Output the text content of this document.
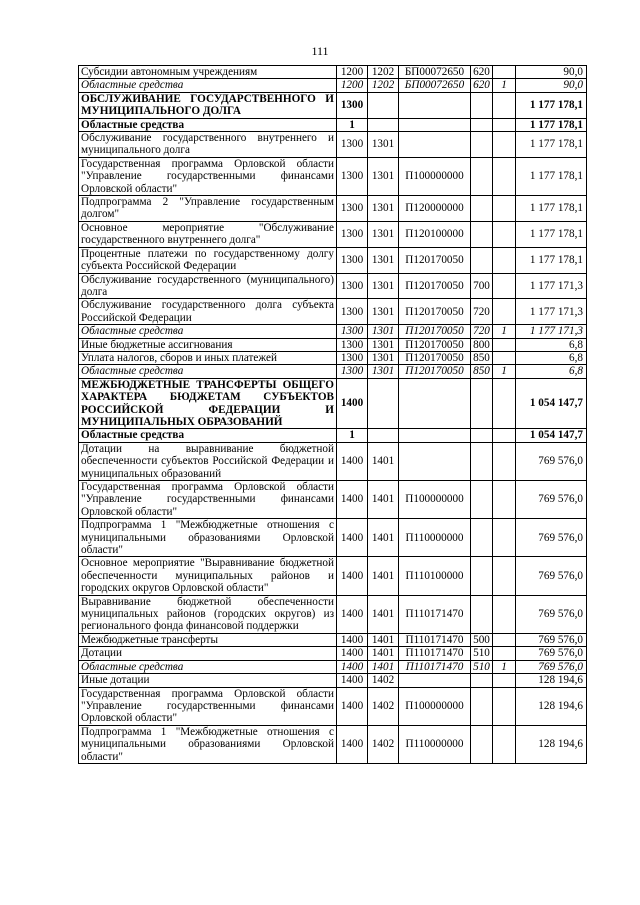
111
Субсидии автономным учреждениям	1200	1202	БП00072650	620		90,0
Областные средства	1200	1202	БП00072650	620	1	90,0
ОБСЛУЖИВАНИЕ ГОСУДАРСТВЕННОГО И МУНИЦИПАЛЬНОГО ДОЛГА	1300					1 177 178,1
Областные средства	1					1 177 178,1
Обслуживание государственного внутреннего и муниципального долга	1300	1301				1 177 178,1
Государственная программа Орловской области "Управление государственными финансами Орловской области"	1300	1301	П100000000			1 177 178,1
Подпрограмма 2 "Управление государственным долгом"	1300	1301	П120000000			1 177 178,1
Основное мероприятие "Обслуживание государственного внутреннего долга"	1300	1301	П120100000			1 177 178,1
Процентные платежи по государственному долгу субъекта Российской Федерации	1300	1301	П120170050			1 177 178,1
Обслуживание государственного (муниципального) долга	1300	1301	П120170050	700		1 177 171,3
Обслуживание государственного долга субъекта Российской Федерации	1300	1301	П120170050	720		1 177 171,3
Областные средства	1300	1301	П120170050	720	1	1 177 171,3
Иные бюджетные ассигнования	1300	1301	П120170050	800		6,8
Уплата налогов, сборов и иных платежей	1300	1301	П120170050	850		6,8
Областные средства	1300	1301	П120170050	850	1	6,8
МЕЖБЮДЖЕТНЫЕ ТРАНСФЕРТЫ ОБЩЕГО ХАРАКТЕРА БЮДЖЕТАМ СУБЪЕКТОВ РОССИЙСКОЙ ФЕДЕРАЦИИ И МУНИЦИПАЛЬНЫХ ОБРАЗОВАНИЙ	1400					1 054 147,7
Областные средства	1					1 054 147,7
Дотации на выравнивание бюджетной обеспеченности субъектов Российской Федерации и муниципальных образований	1400	1401				769 576,0
Государственная программа Орловской области "Управление государственными финансами Орловской области"	1400	1401	П100000000			769 576,0
Подпрограмма 1 "Межбюджетные отношения с муниципальными образованиями Орловской области"	1400	1401	П110000000			769 576,0
Основное мероприятие "Выравнивание бюджетной обеспеченности муниципальных районов и городских округов Орловской области"	1400	1401	П110100000			769 576,0
Выравнивание бюджетной обеспеченности муниципальных районов (городских округов) из регионального фонда финансовой поддержки	1400	1401	П110171470			769 576,0
Межбюджетные трансферты	1400	1401	П110171470	500		769 576,0
Дотации	1400	1401	П110171470	510		769 576,0
Областные средства	1400	1401	П110171470	510	1	769 576,0
Иные дотации	1400	1402				128 194,6
Государственная программа Орловской области "Управление государственными финансами Орловской области"	1400	1402	П100000000			128 194,6
Подпрограмма 1 "Межбюджетные отношения с муниципальными образованиями Орловской области"	1400	1402	П110000000			128 194,6
